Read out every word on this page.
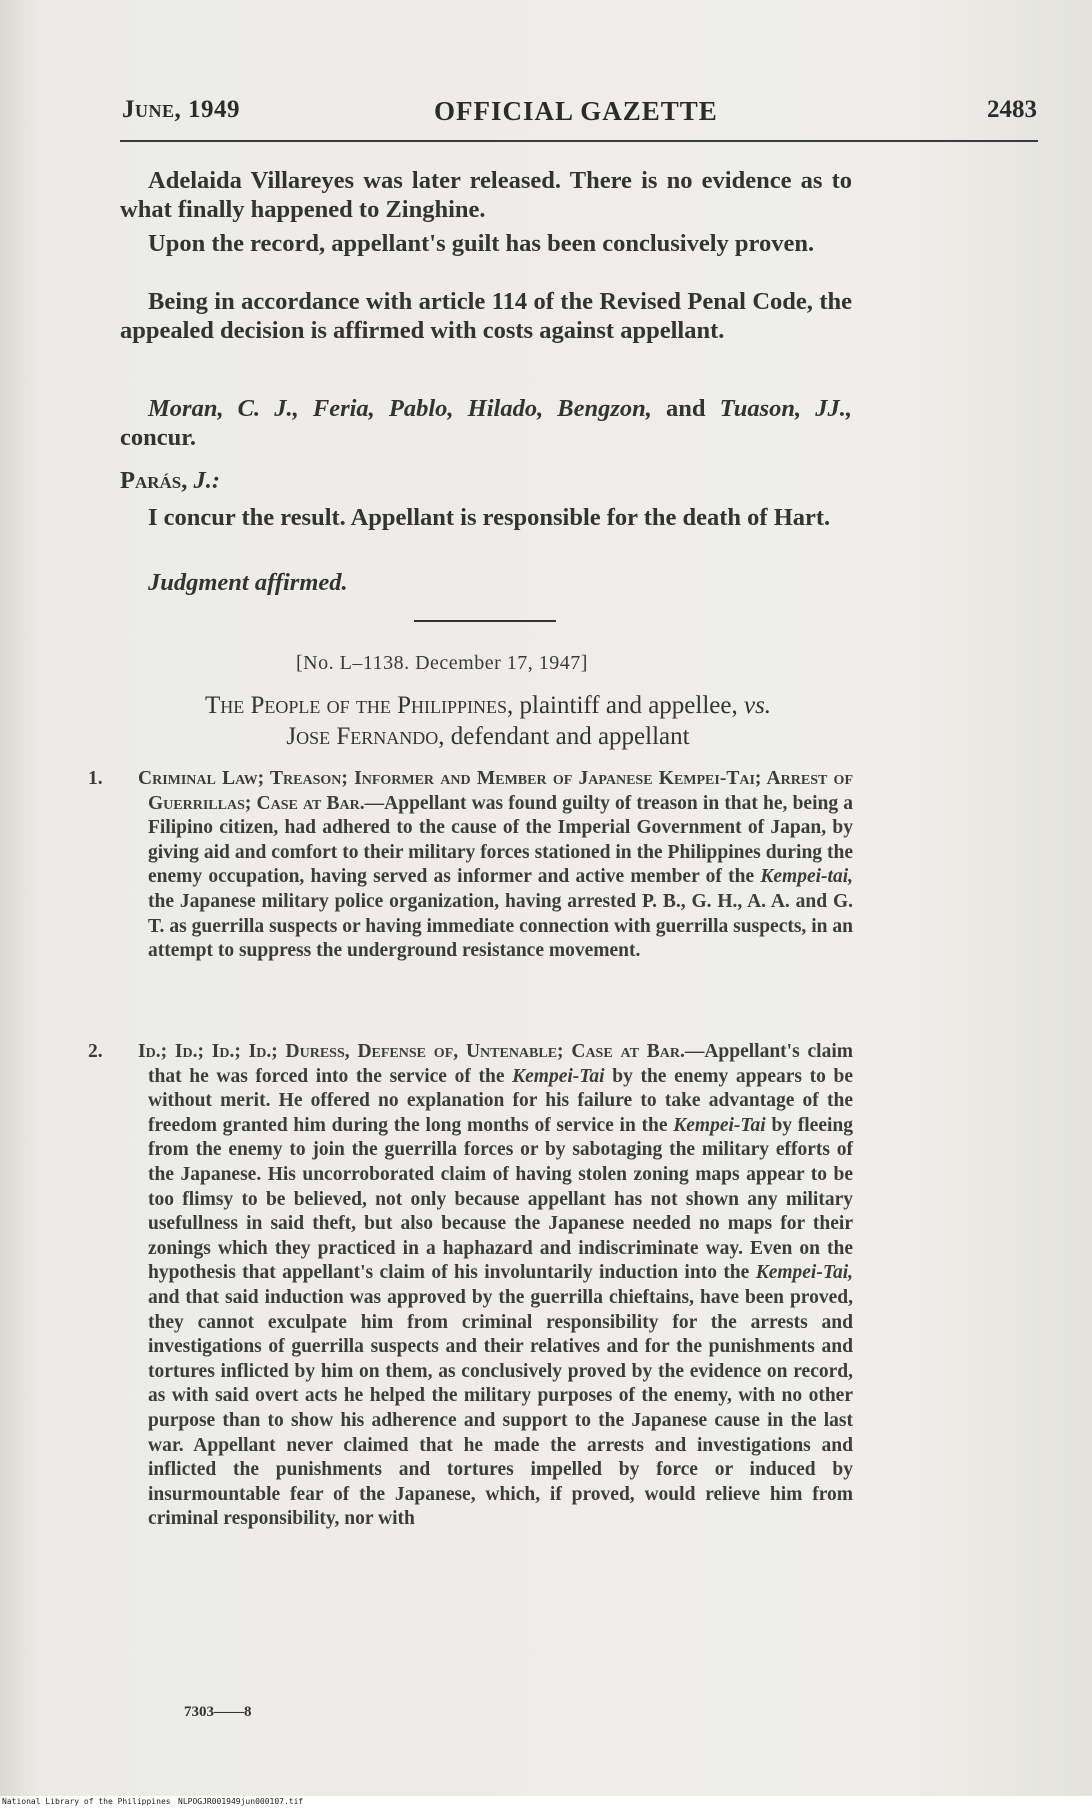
June, 1949	OFFICIAL GAZETTE	2483

Adelaida Villareyes was later released. There is no evidence as to what finally happened to Zinghine.

Upon the record, appellant's guilt has been conclusively proven.

Being in accordance with article 114 of the Revised Penal Code, the appealed decision is affirmed with costs against appellant.

Moran, C. J., Feria, Pablo, Hilado, Bengzon, and Tuason, JJ., concur.

Parás, J.:

I concur the result. Appellant is responsible for the death of Hart.

Judgment affirmed.

[No. L–1138. December 17, 1947]
The People of the Philippines, plaintiff and appellee, vs.
Jose Fernando, defendant and appellant
1. Criminal Law; Treason; Informer and Member of Japanese Kempei-Tai; Arrest of Guerrillas; Case at Bar.—Appellant was found guilty of treason in that he, being a Filipino citizen, had adhered to the cause of the Imperial Government of Japan, by giving aid and comfort to their military forces stationed in the Philippines during the enemy occupation, having served as informer and active member of the Kempei-tai, the Japanese military police organization, having arrested P. B., G. H., A. A. and G. T. as guerrilla suspects or having immediate connection with guerrilla suspects, in an attempt to suppress the underground resistance movement.
2. Id.; Id.; Id.; Id.; Duress, Defense of, Untenable; Case at Bar.—Appellant's claim that he was forced into the service of the Kempei-Tai by the enemy appears to be without merit. He offered no explanation for his failure to take advantage of the freedom granted him during the long months of service in the Kempei-Tai by fleeing from the enemy to join the guerrilla forces or by sabotaging the military efforts of the Japanese. His uncorroborated claim of having stolen zoning maps appear to be too flimsy to be believed, not only because appellant has not shown any military usefullness in said theft, but also because the Japanese needed no maps for their zonings which they practiced in a haphazard and indiscriminate way. Even on the hypothesis that appellant's claim of his involuntarily induction into the Kempei-Tai, and that said induction was approved by the guerrilla chieftains, have been proved, they cannot exculpate him from criminal responsibility for the arrests and investigations of guerrilla suspects and their relatives and for the punishments and tortures inflicted by him on them, as conclusively proved by the evidence on record, as with said overt acts he helped the military purposes of the enemy, with no other purpose than to show his adherence and support to the Japanese cause in the last war. Appellant never claimed that he made the arrests and investigations and inflicted the punishments and tortures impelled by force or induced by insurmountable fear of the Japanese, which, if proved, would relieve him from criminal responsibility, nor with
7303——8
National Library of the Philippines NLPOGJR001949jun000107.tif
